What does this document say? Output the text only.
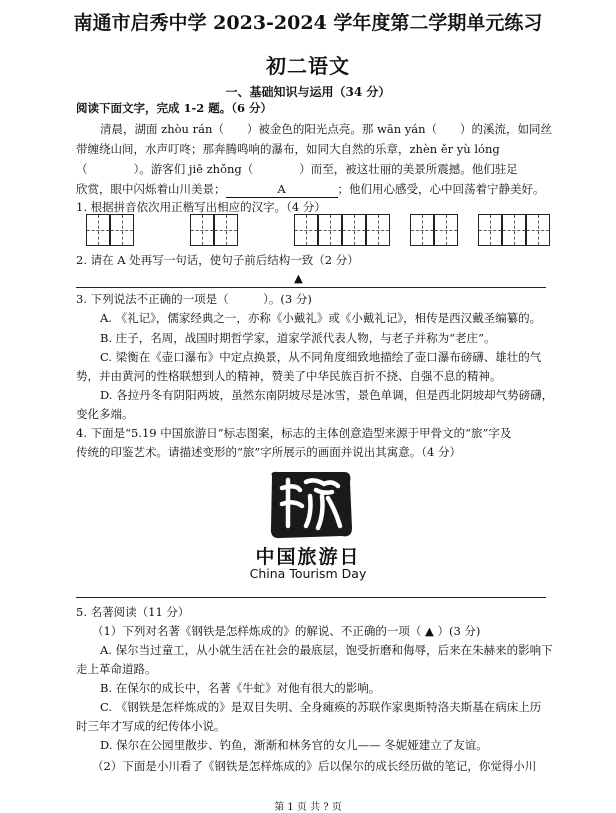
南通市启秀中学 2023-2024 学年度第二学期单元练习
初二语文
一、基础知识与运用（34 分）
阅读下面文字，完成 1-2 题。（6 分）
清晨，湖面 zhòu rán（　　）被金色的阳光点亮。那 wān yán（　　）的溪流，如同丝
带缠绕山间，水声叮咚；那奔腾鸣响的瀑布，如同大自然的乐章，zhèn ěr yù lóng
（　　　　）。游客们 jiē zhǒng（　　　　）而至，被这壮丽的美景所震撼。他们驻足
欣赏，眼中闪烁着山川美景；	A	；他们用心感受，心中回荡着宁静美好。
1. 根据拼音依次用正楷写出相应的汉字。（4 分）
2. 请在 A 处再写一句话，使句子前后结构一致（2 分）
▲
3. 下列说法不正确的一项是（　　　）。(3 分)
A. 《礼记》，儒家经典之一，亦称《小戴礼》或《小戴礼记》，相传是西汉戴圣编纂的。
B. 庄子，名周，战国时期哲学家，道家学派代表人物，与老子并称为“老庄”。
C. 梁衡在《壶口瀑布》中定点换景，从不同角度细致地描绘了壶口瀑布磅礴、雄壮的气
势，并由黄河的性格联想到人的精神，赞美了中华民族百折不挠、自强不息的精神。
D. 各拉丹冬有阴阳两坡，虽然东南阴坡尽是冰雪，景色单调，但是西北阴坡却气势磅礴，
变化多端。
4. 下面是“5.19 中国旅游日”标志图案，标志的主体创意造型来源于甲骨文的“旅”字及
传统的印鉴艺术。请描述变形的“旅”字所展示的画面并说出其寓意。（4 分）
中国旅游日
China Tourism Day
5. 名著阅读（11 分）
（1）下列对名著《钢铁是怎样炼成的》的解说、不正确的一项（ ▲ ）(3 分)
A. 保尔当过童工，从小就生活在社会的最底层，饱受折磨和侮辱，后来在朱赫来的影响下
走上革命道路。
B. 在保尔的成长中，名著《牛虻》对他有很大的影响。
C. 《钢铁是怎样炼成的》是双目失明、全身瘫痪的苏联作家奥斯特洛夫斯基在病床上历
时三年才写成的纪传体小说。
D. 保尔在公园里散步、钓鱼，渐渐和林务官的女儿—— 冬妮娅建立了友谊。
（2）下面是小川看了《钢铁是怎样炼成的》后以保尔的成长经历做的笔记，你觉得小川
第 1 页 共 ? 页
